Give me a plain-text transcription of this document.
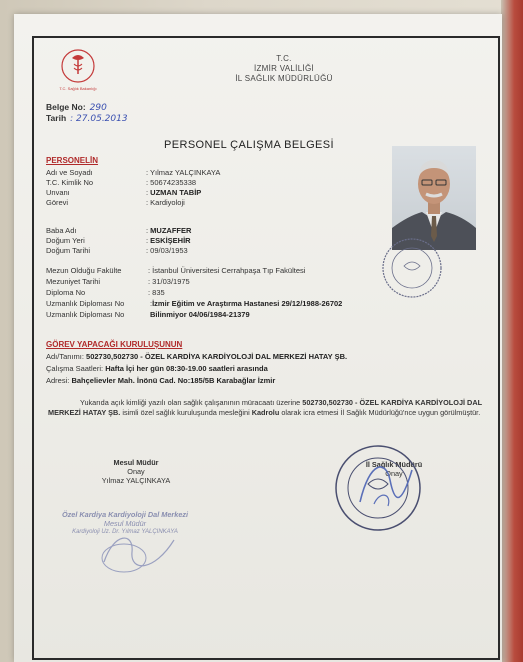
T.C. Sağlık Bakanlığı
T.C.
İZMİR VALİLİĞİ
İL SAĞLIK MÜDÜRLÜĞÜ
Belge No: 290
Tarih : 27.05.2013
PERSONEL ÇALIŞMA BELGESİ
PERSONELİN
Adı ve Soyadı	: Yılmaz YALÇINKAYA
T.C. Kimlik No	: 50674235338
Unvanı	: UZMAN TABİP
Görevi	: Kardiyoloji
Baba Adı	: MUZAFFER
Doğum Yeri	: ESKİŞEHİR
Doğum Tarihi	: 09/03/1953
Mezun Olduğu Fakülte	: İstanbul Üniversitesi Cerrahpaşa Tıp Fakültesi
Mezuniyet Tarihi	: 31/03/1975
Diploma No	: 835
Uzmanlık Diploması No	:İzmir Eğitim ve Araştırma Hastanesi 29/12/1988-26702
Uzmanlık Diploması No	Bilinmiyor 04/06/1984-21379
GÖREV YAPACAĞI KURULUŞUNUN
Adı/Tanımı: 502730,502730 - ÖZEL KARDİYA KARDİYOLOJİ DAL MERKEZİ HATAY ŞB.
Çalışma Saatleri: Hafta İçi her gün 08:30-19.00 saatleri arasında
Adresi: Bahçelievler Mah. İnönü Cad. No:185/5B Karabağlar İzmir
Yukarıda açık kimliği yazılı olan sağlık çalışanının müracaatı üzerine 502730,502730 - ÖZEL KARDİYA KARDİYOLOJİ DAL MERKEZİ HATAY ŞB. isimli özel sağlık kuruluşunda mesleğini Kadrolu olarak icra etmesi İl Sağlık Müdürlüğü'nce uygun görülmüştür.
Mesul Müdür
Onay
Yılmaz YALÇINKAYA
İl Sağlık Müdürü
Onay
Özel Kardiya Kardiyoloji Dal Merkezi
Mesul Müdür
Kardiyoloji Uz. Dr. Yılmaz YALÇINKAYA
